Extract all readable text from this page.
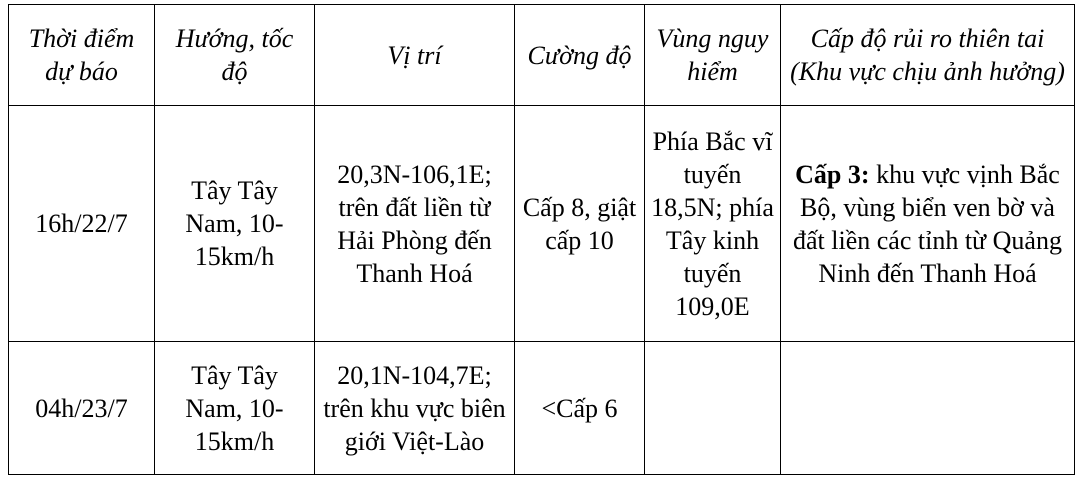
Thời điểm dự báo	Hướng, tốc độ	Vị trí	Cường độ	Vùng nguy hiểm	Cấp độ rủi ro thiên tai (Khu vực chịu ảnh hưởng)
16h/22/7	Tây Tây Nam, 10-15km/h	20,3N-106,1E; trên đất liền từ Hải Phòng đến Thanh Hoá	Cấp 8, giật cấp 10	Phía Bắc vĩ tuyến 18,5N; phía Tây kinh tuyến 109,0E	Cấp 3: khu vực vịnh Bắc Bộ, vùng biển ven bờ và đất liền các tỉnh từ Quảng Ninh đến Thanh Hoá
04h/23/7	Tây Tây Nam, 10-15km/h	20,1N-104,7E; trên khu vực biên giới Việt-Lào	<Cấp 6		
